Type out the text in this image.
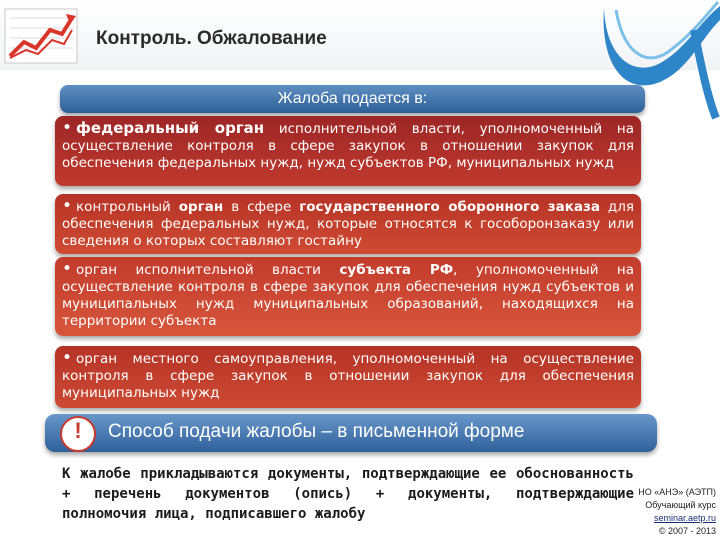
Контроль. Обжалование
Жалоба подается в:
• федеральный орган исполнительной власти, уполномоченный на осуществление контроля в сфере закупок в отношении закупок для обеспечения федеральных нужд, нужд субъектов РФ, муниципальных нужд
• контрольный орган в сфере государственного оборонного заказа для обеспечения федеральных нужд, которые относятся к гособоронзаказу или сведения о которых составляют гостайну
• орган исполнительной власти субъекта РФ, уполномоченный на осуществление контроля в сфере закупок для обеспечения нужд субъектов и муниципальных нужд муниципальных образований, находящихся на территории субъекта
• орган местного самоуправления, уполномоченный на осуществление контроля в сфере закупок в отношении закупок для обеспечения муниципальных нужд
!	Способ подачи жалобы – в письменной форме
К жалобе прикладываются документы, подтверждающие ее обоснованность + перечень документов (опись) + документы, подтверждающие полномочия лица, подписавшего жалобу
НО «АНЭ» (АЭТП)
Обучающий курс
seminar.aetp.ru
© 2007 - 2013
